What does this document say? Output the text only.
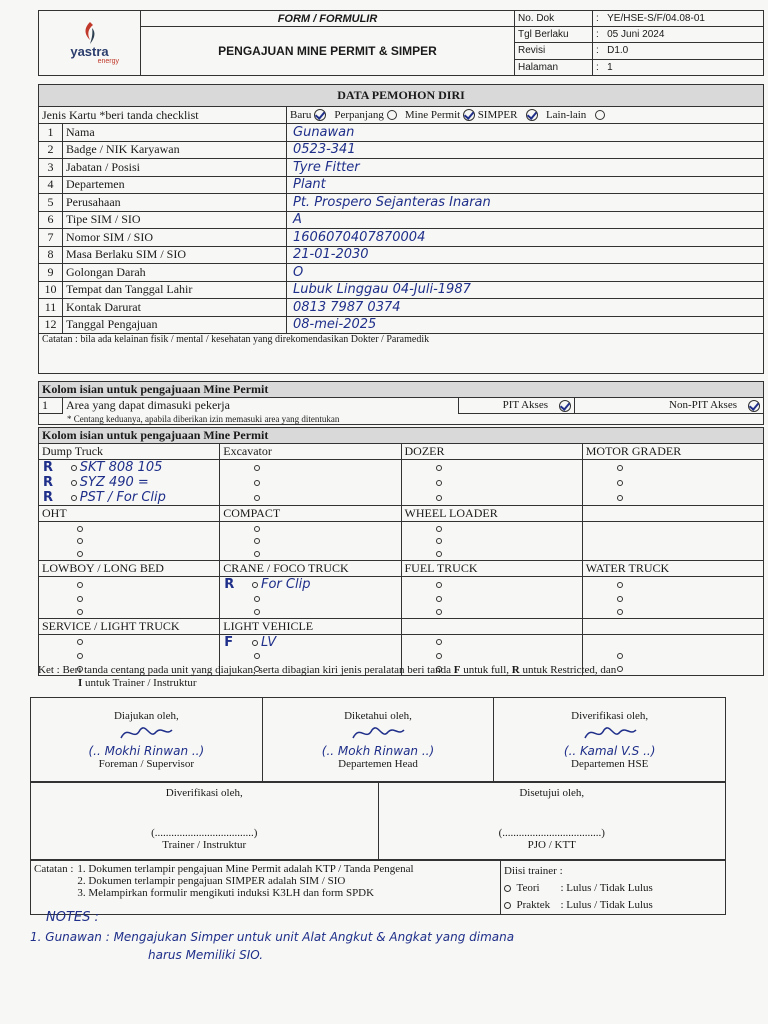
yastra
energy	FORM / FORMULIR	No. Dok	:   YE/HSE-S/F/04.08-01
	PENGAJUAN MINE PERMIT & SIMPER	Tgl Berlaku	:   05 Juni 2024
		Revisi	:   D1.0
		Halaman	:   1
DATA PEMOHON DIRI		
Jenis Kartu *beri tanda checklist		Baru Perpanjang Mine Permit SIMPER Lain-lain
1	Nama	Gunawan
2	Badge / NIK Karyawan	0523-341
3	Jabatan / Posisi	Tyre Fitter
4	Departemen	Plant
5	Perusahaan	Pt. Prospero Sejanteras Inaran
6	Tipe SIM / SIO	A
7	Nomor SIM / SIO	1606070407870004
8	Masa Berlaku SIM / SIO	21-01-2030
9	Golongan Darah	O
10	Tempat dan Tanggal Lahir	Lubuk Linggau 04-Juli-1987
11	Kontak Darurat	0813 7987 0374
12	Tanggal Pengajuan	08-mei-2025
Catatan : bila ada kelainan fisik / mental / kesehatan yang direkomendasikan Dokter / Paramedik		
Kolom isian untuk pengajuaan Mine Permit
1	Area yang dapat dimasuki pekerja	PIT Akses	Non-PIT Akses
* Centang keduanya, apabila diberikan izin memasuki area yang ditentukan
Kolom isian untuk pengajuaan Mine Permit			
Dump Truck	Excavator	DOZER	MOTOR GRADER
R SKT 808 105			
R SYZ 490 =			
R PST / For Clip			
OHT	COMPACT	WHEEL LOADER	

LOWBOY / LONG BED	CRANE / FOCO TRUCK	FUEL TRUCK	WATER TRUCK
	R For Clip		

SERVICE / LIGHT TRUCK	LIGHT VEHICLE		
	F LV		

Ket : Beri tanda centang pada unit yang diajukan, serta dibagian kiri jenis peralatan beri tanda F untuk full, R untuk Restricted, dan
I untuk Trainer / Instruktur
Diajukan oleh,
(.. Mokhi Rinwan ..)
Foreman / Supervisor

Diketahui oleh,
(.. Mokh Rinwan ..)
Departemen Head

Diverifikasi oleh,
(.. Kamal V.S ..)
Departemen HSE
Diverifikasi oleh,
(....................................)
Trainer / Instruktur

Disetujui oleh,
(....................................)
PJO / KTT
Catatan : 1. Dokumen terlampir pengajuan Mine Permit adalah KTP / Tanda Pengenal
2. Dokumen terlampir pengajuan SIMPER adalah SIM / SIO
3. Melampirkan formulir mengikuti induksi K3LH dan form SPDK

Diisi trainer :
Teori : Lulus / Tidak Lulus
Praktek : Lulus / Tidak Lulus
NOTES :
1. Gunawan : Mengajukan Simper untuk unit Alat Angkut & Angkat yang dimana
harus Memiliki SIO.
